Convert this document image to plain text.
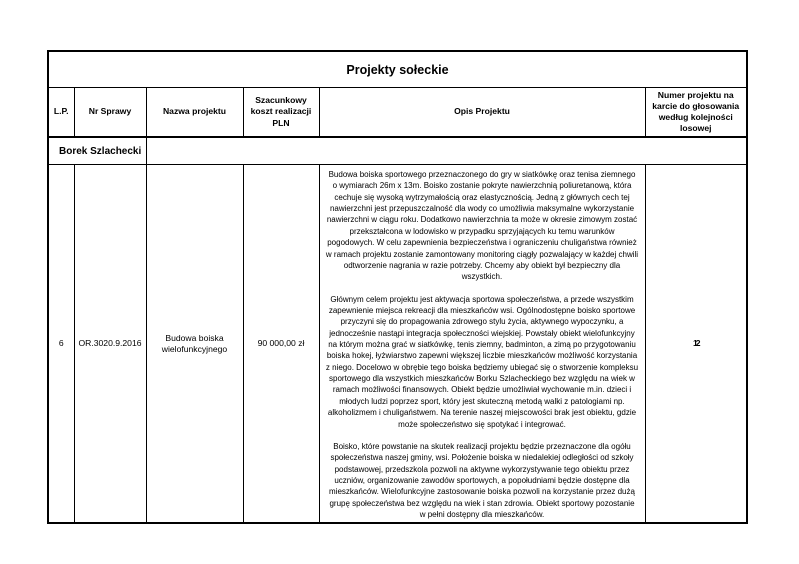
Projekty sołeckie					
L.P.	Nr Sprawy	Nazwa projektu	Szacunkowy koszt realizacji PLN	Opis Projektu	Numer projektu na karcie do głosowania według kolejności losowej
Borek Szlachecki					
6	OR.3020.9.2016	Budowa boiska wielofunkcyjnego	90 000,00 zł	Budowa boiska sportowego przeznaczonego do gry w siatkówkę oraz tenisa ziemnego o wymiarach 26m x 13m. Boisko zostanie pokryte nawierzchnią poliuretanową, która cechuje się wysoką wytrzymałością oraz elastycznością. Jedną z głównych cech tej nawierzchni jest przepuszczalność dla wody co umożliwia maksymalne wykorzystanie nawierzchni w ciągu roku. Dodatkowo nawierzchnia ta może w okresie zimowym zostać przekształcona w lodowisko w przypadku sprzyjających ku temu warunków pogodowych. W celu zapewnienia bezpieczeństwa i ograniczeniu chuligaństwa również w ramach projektu zostanie zamontowany monitoring ciągły pozwalający w każdej chwili odtworzenie nagrania w razie potrzeby. Chcemy aby obiekt był bezpieczny dla wszystkich.

Głównym celem projektu jest aktywacja sportowa społeczeństwa, a przede wszystkim zapewnienie miejsca rekreacji dla mieszkańców wsi. Ogólnodostępne boisko sportowe przyczyni się do propagowania zdrowego stylu życia, aktywnego wypoczynku, a jednocześnie nastąpi integracja społeczności wiejskiej. Powstały obiekt wielofunkcyjny na którym można grać w siatkówkę, tenis ziemny, badminton, a zimą po przygotowaniu boiska hokej, łyżwiarstwo zapewni większej liczbie mieszkańców możliwość korzystania z niego. Docelowo w obrębie tego boiska będziemy ubiegać się o stworzenie kompleksu sportowego dla wszystkich mieszkańców Borku Szlacheckiego bez względu na wiek w ramach możliwości finansowych. Obiekt będzie umożliwiał wychowanie m.in. dzieci i młodych ludzi poprzez sport, który jest skuteczną metodą walki z patologiami np. alkoholizmem i chuligaństwem. Na terenie naszej miejscowości brak jest obiektu, gdzie może społeczeństwo się spotykać i integrować.

Boisko, które powstanie na skutek realizacji projektu będzie przeznaczone dla ogółu społeczeństwa naszej gminy, wsi. Położenie boiska w niedalekiej odległości od szkoły podstawowej, przedszkola pozwoli na aktywne wykorzystywanie tego obiektu przez uczniów, organizowanie zawodów sportowych, a popołudniami będzie dostępne dla mieszkańców. Wielofunkcyjne zastosowanie boiska pozwoli na korzystanie przez dużą grupę społeczeństwa bez względu na wiek i stan zdrowia. Obiekt sportowy pozostanie w pełni dostępny dla mieszkańców.	12
